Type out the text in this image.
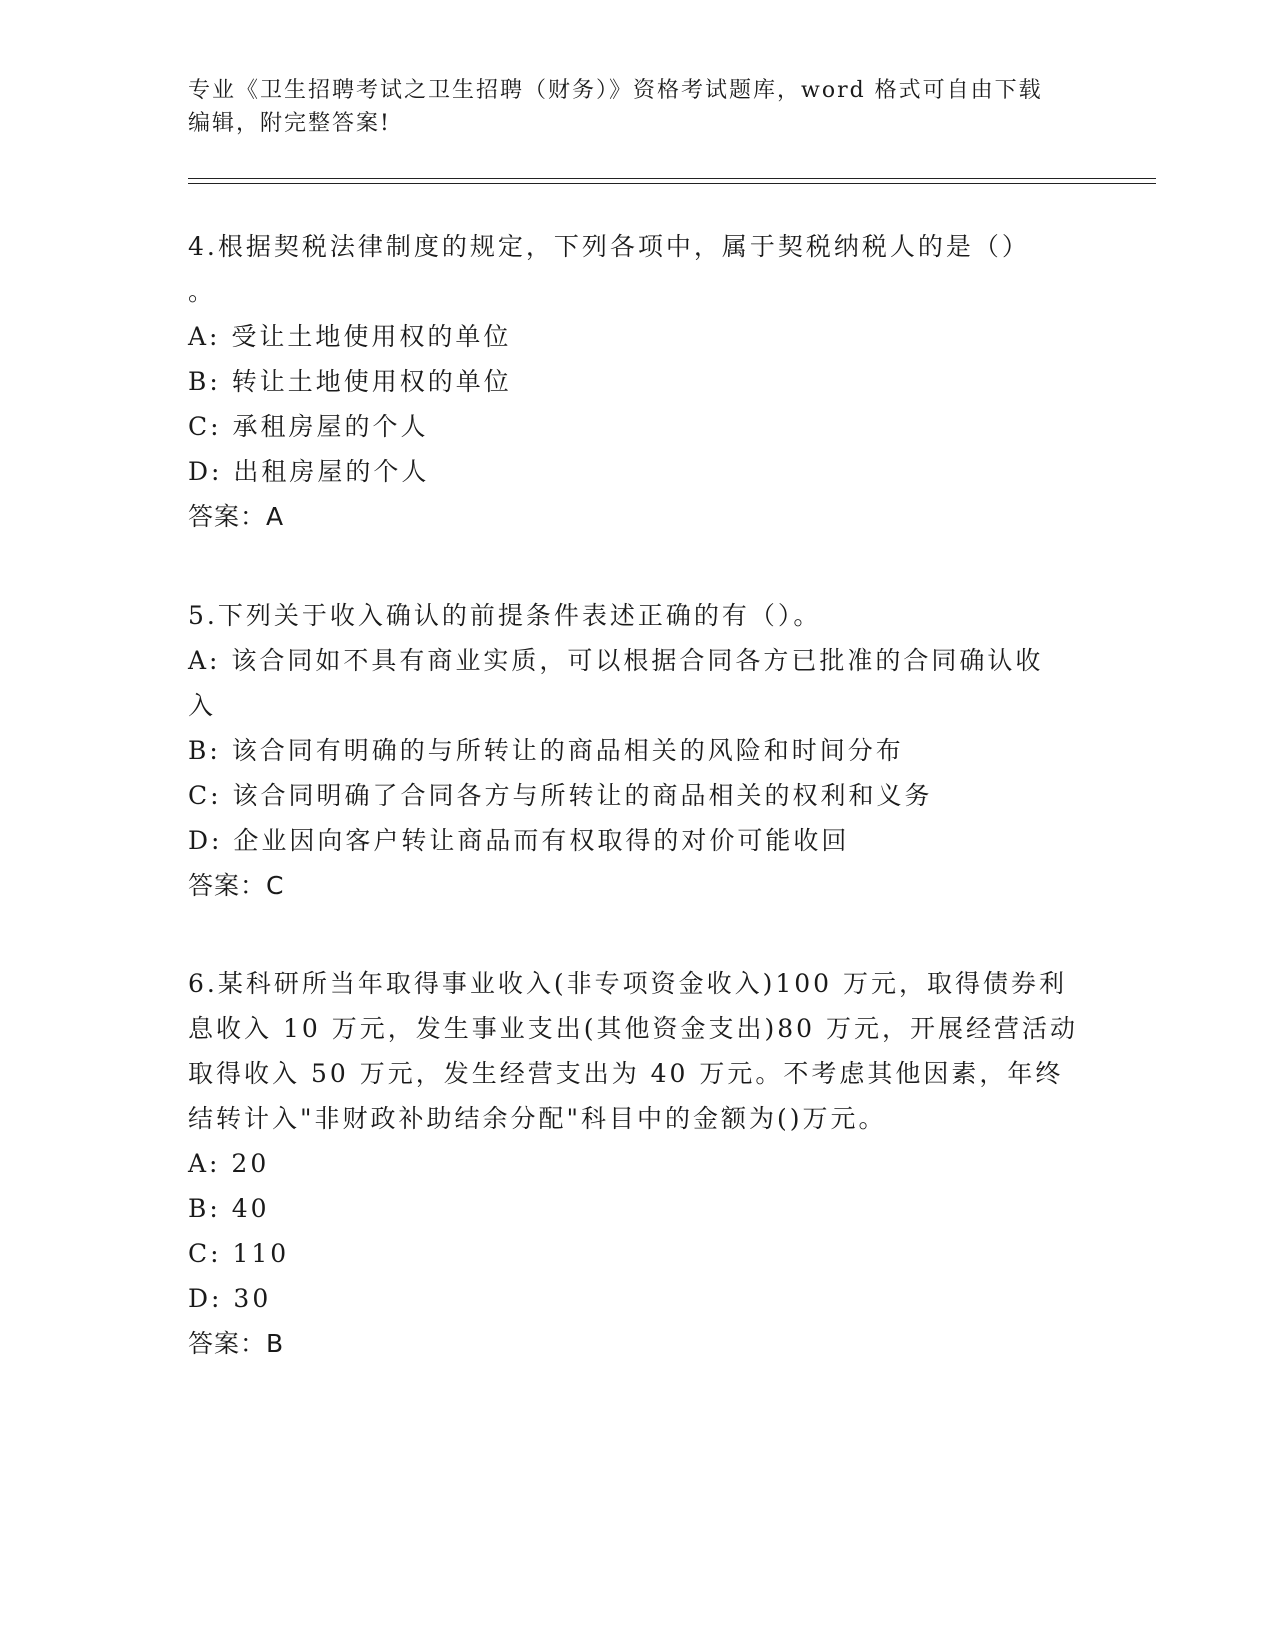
专业《卫生招聘考试之卫生招聘（财务）》资格考试题库，word 格式可自由下载
编辑，附完整答案!
4.根据契税法律制度的规定，下列各项中，属于契税纳税人的是（）
。
A: 受让土地使用权的单位
B: 转让土地使用权的单位
C: 承租房屋的个人
D: 出租房屋的个人
答案：A
5.下列关于收入确认的前提条件表述正确的有（）。
A: 该合同如不具有商业实质，可以根据合同各方已批准的合同确认收
入
B: 该合同有明确的与所转让的商品相关的风险和时间分布
C: 该合同明确了合同各方与所转让的商品相关的权利和义务
D: 企业因向客户转让商品而有权取得的对价可能收回
答案：C
6.某科研所当年取得事业收入(非专项资金收入)100 万元，取得债券利
息收入 10 万元，发生事业支出(其他资金支出)80 万元，开展经营活动
取得收入 50 万元，发生经营支出为 40 万元。不考虑其他因素，年终
结转计入"非财政补助结余分配"科目中的金额为()万元。
A: 20
B: 40
C: 110
D: 30
答案：B
